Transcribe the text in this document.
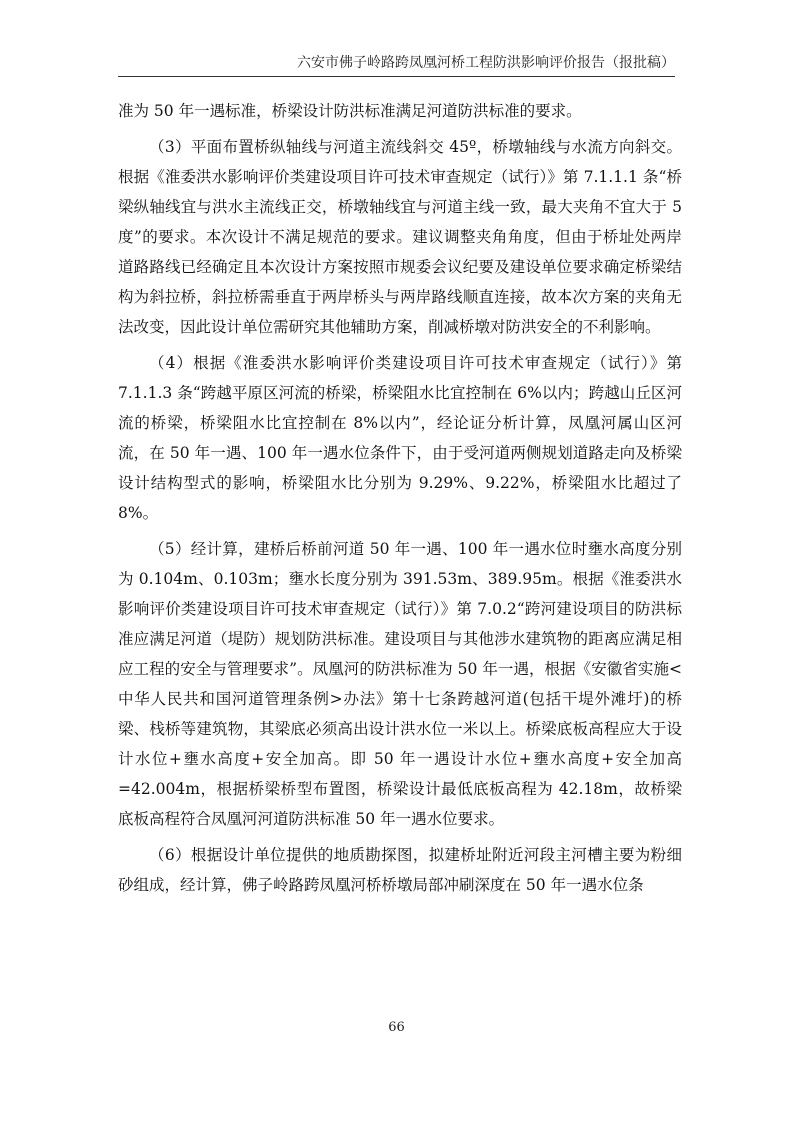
六安市佛子岭路跨凤凰河桥工程防洪影响评价报告（报批稿）

准为 50 年一遇标准，桥梁设计防洪标准满足河道防洪标准的要求。

（3）平面布置桥纵轴线与河道主流线斜交 45º，桥墩轴线与水流方向斜交。根据《淮委洪水影响评价类建设项目许可技术审查规定（试行）》第 7.1.1.1 条“桥梁纵轴线宜与洪水主流线正交，桥墩轴线宜与河道主线一致，最大夹角不宜大于 5 度”的要求。本次设计不满足规范的要求。建议调整夹角角度，但由于桥址处两岸道路路线已经确定且本次设计方案按照市规委会议纪要及建设单位要求确定桥梁结构为斜拉桥，斜拉桥需垂直于两岸桥头与两岸路线顺直连接，故本次方案的夹角无法改变，因此设计单位需研究其他辅助方案，削减桥墩对防洪安全的不利影响。

（4）根据《淮委洪水影响评价类建设项目许可技术审查规定（试行）》第 7.1.1.3 条“跨越平原区河流的桥梁，桥梁阻水比宜控制在 6%以内；跨越山丘区河流的桥梁，桥梁阻水比宜控制在 8%以内”，经论证分析计算，凤凰河属山区河流，在 50 年一遇、100 年一遇水位条件下，由于受河道两侧规划道路走向及桥梁设计结构型式的影响，桥梁阻水比分别为 9.29%、9.22%，桥梁阻水比超过了 8%。

（5）经计算，建桥后桥前河道 50 年一遇、100 年一遇水位时壅水高度分别为 0.104m、0.103m；壅水长度分别为 391.53m、389.95m。根据《淮委洪水影响评价类建设项目许可技术审查规定（试行）》第 7.0.2“跨河建设项目的防洪标准应满足河道（堤防）规划防洪标准。建设项目与其他涉水建筑物的距离应满足相应工程的安全与管理要求”。凤凰河的防洪标准为 50 年一遇，根据《安徽省实施<中华人民共和国河道管理条例>办法》第十七条跨越河道(包括干堤外滩圩)的桥梁、栈桥等建筑物，其梁底必须高出设计洪水位一米以上。桥梁底板高程应大于设计水位+壅水高度+安全加高。即 50 年一遇设计水位+壅水高度+安全加高=42.004m，根据桥梁桥型布置图，桥梁设计最低底板高程为 42.18m，故桥梁底板高程符合凤凰河河道防洪标准 50 年一遇水位要求。

（6）根据设计单位提供的地质勘探图，拟建桥址附近河段主河槽主要为粉细砂组成，经计算，佛子岭路跨凤凰河桥桥墩局部冲刷深度在 50 年一遇水位条

66
